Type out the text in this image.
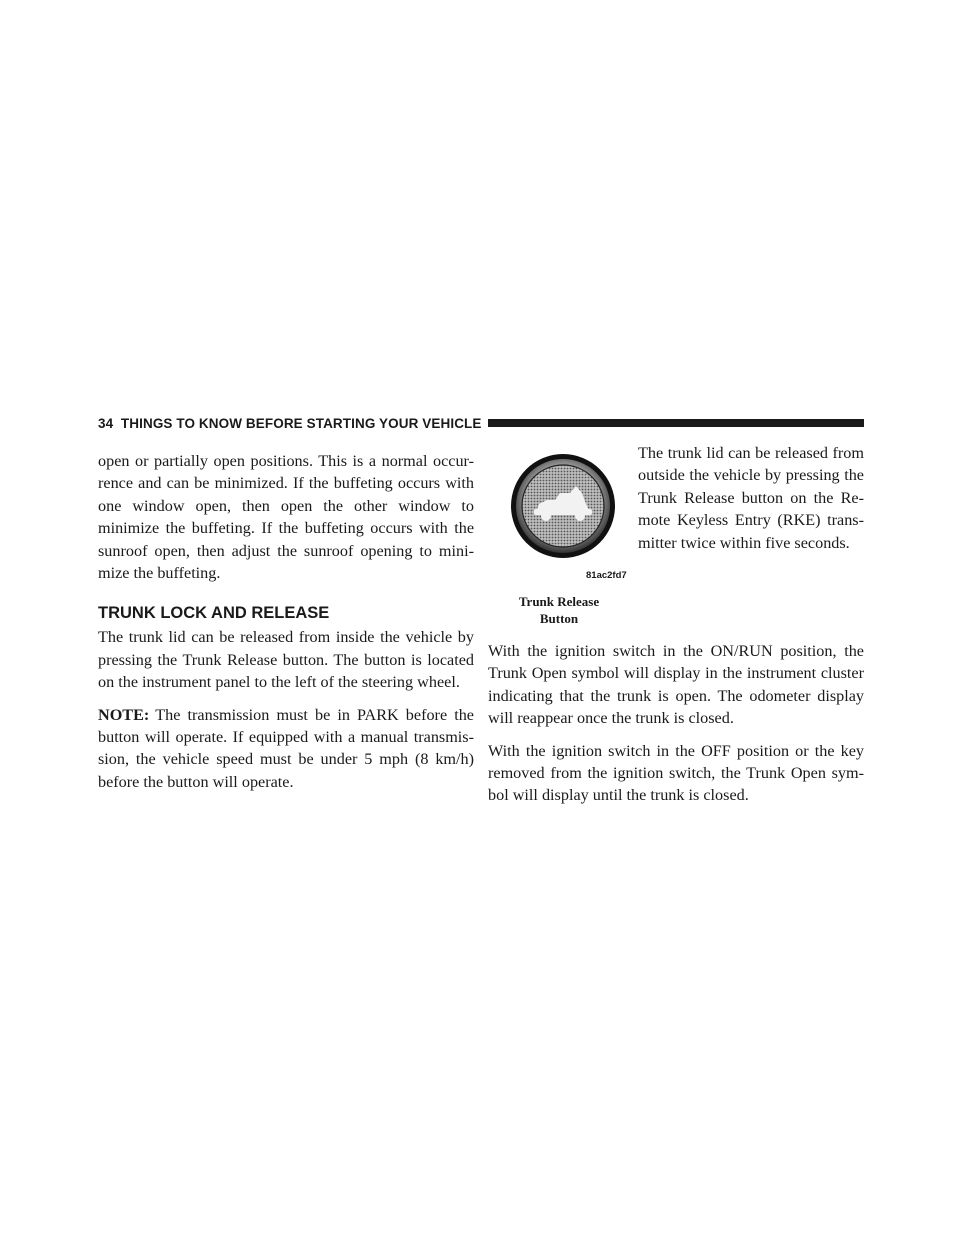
34 THINGS TO KNOW BEFORE STARTING YOUR VEHICLE

open or partially open positions. This is a normal occur-rence and can be minimized. If the buffeting occurs with one window open, then open the other window to minimize the buffeting. If the buffeting occurs with the sunroof open, then adjust the sunroof opening to mini-mize the buffeting.

TRUNK LOCK AND RELEASE

The trunk lid can be released from inside the vehicle by pressing the Trunk Release button. The button is located on the instrument panel to the left of the steering wheel.

NOTE: The transmission must be in PARK before the button will operate. If equipped with a manual transmis-sion, the vehicle speed must be under 5 mph (8 km/h) before the button will operate.

81ac2fd7
Trunk Release
Button

The trunk lid can be released from outside the vehicle by pressing the Trunk Release button on the Re-mote Keyless Entry (RKE) trans-mitter twice within five seconds.

With the ignition switch in the ON/RUN position, the Trunk Open symbol will display in the instrument cluster indicating that the trunk is open. The odometer display will reappear once the trunk is closed.

With the ignition switch in the OFF position or the key removed from the ignition switch, the Trunk Open sym-bol will display until the trunk is closed.
